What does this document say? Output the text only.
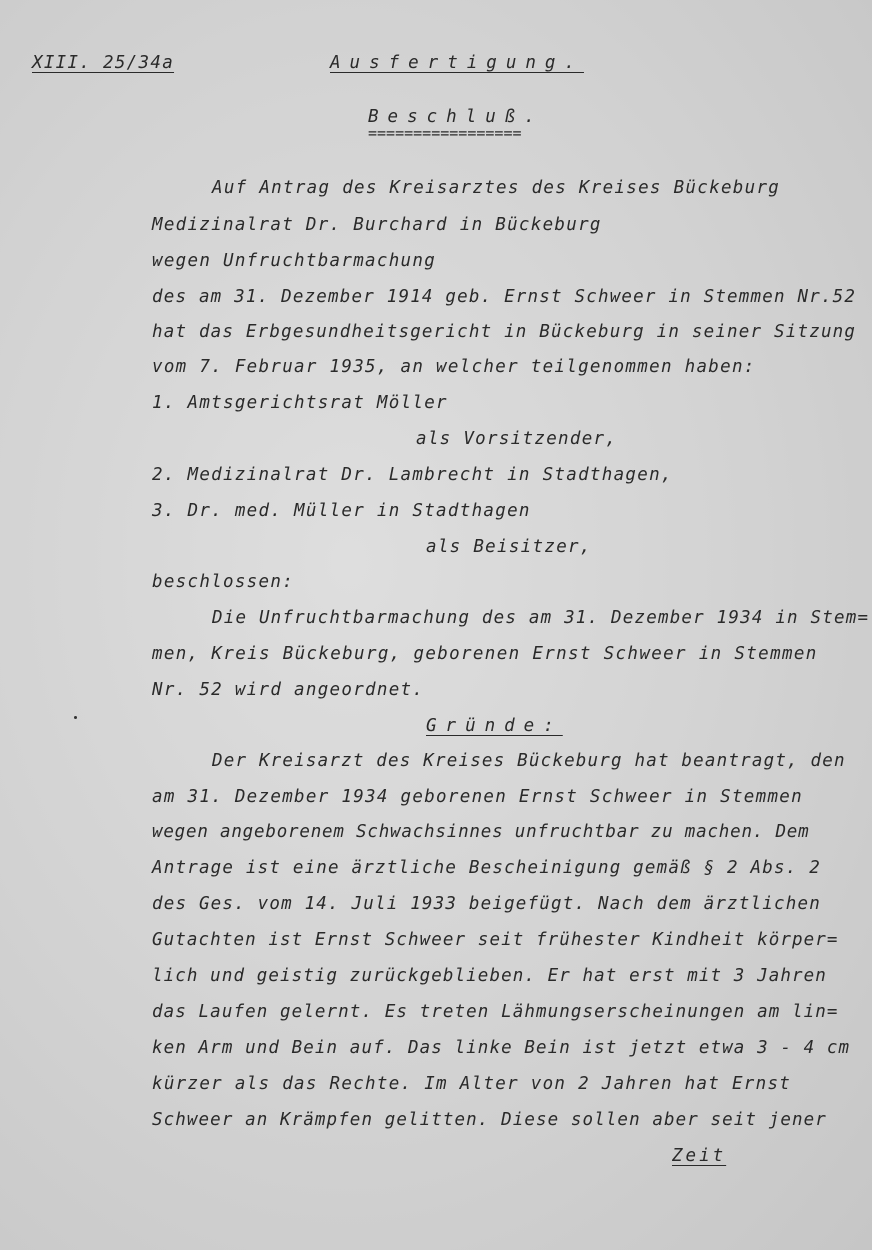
XIII. 25/34a	Ausfertigung.
Beschluß.
=================
Auf Antrag des Kreisarztes des Kreises Bückeburg
Medizinalrat Dr. Burchard in Bückeburg
wegen Unfruchtbarmachung
des am 31. Dezember 1914 geb. Ernst Schweer in Stemmen Nr.52
hat das Erbgesundheitsgericht in Bückeburg in seiner Sitzung
vom 7. Februar 1935, an welcher teilgenommen haben:
1. Amtsgerichtsrat Möller
als Vorsitzender,
2. Medizinalrat Dr. Lambrecht in Stadthagen,
3. Dr. med. Müller in Stadthagen
als Beisitzer,
beschlossen:
Die Unfruchtbarmachung des am 31. Dezember 1934 in Stem=
men, Kreis Bückeburg, geborenen Ernst Schweer in Stemmen
Nr. 52 wird angeordnet.
Gründe:
Der Kreisarzt des Kreises Bückeburg hat beantragt, den
am 31. Dezember 1934 geborenen Ernst Schweer in Stemmen
wegen angeborenem Schwachsinnes unfruchtbar zu machen. Dem
Antrage ist eine ärztliche Bescheinigung gemäß § 2 Abs. 2
des Ges. vom 14. Juli 1933 beigefügt. Nach dem ärztlichen
Gutachten ist Ernst Schweer seit frühester Kindheit körper=
lich und geistig zurückgeblieben. Er hat erst mit 3 Jahren
das Laufen gelernt. Es treten Lähmungserscheinungen am lin=
ken Arm und Bein auf. Das linke Bein ist jetzt etwa 3 - 4 cm
kürzer als das Rechte. Im Alter von 2 Jahren hat Ernst
Schweer an Krämpfen gelitten. Diese sollen aber seit jener
Zeit
